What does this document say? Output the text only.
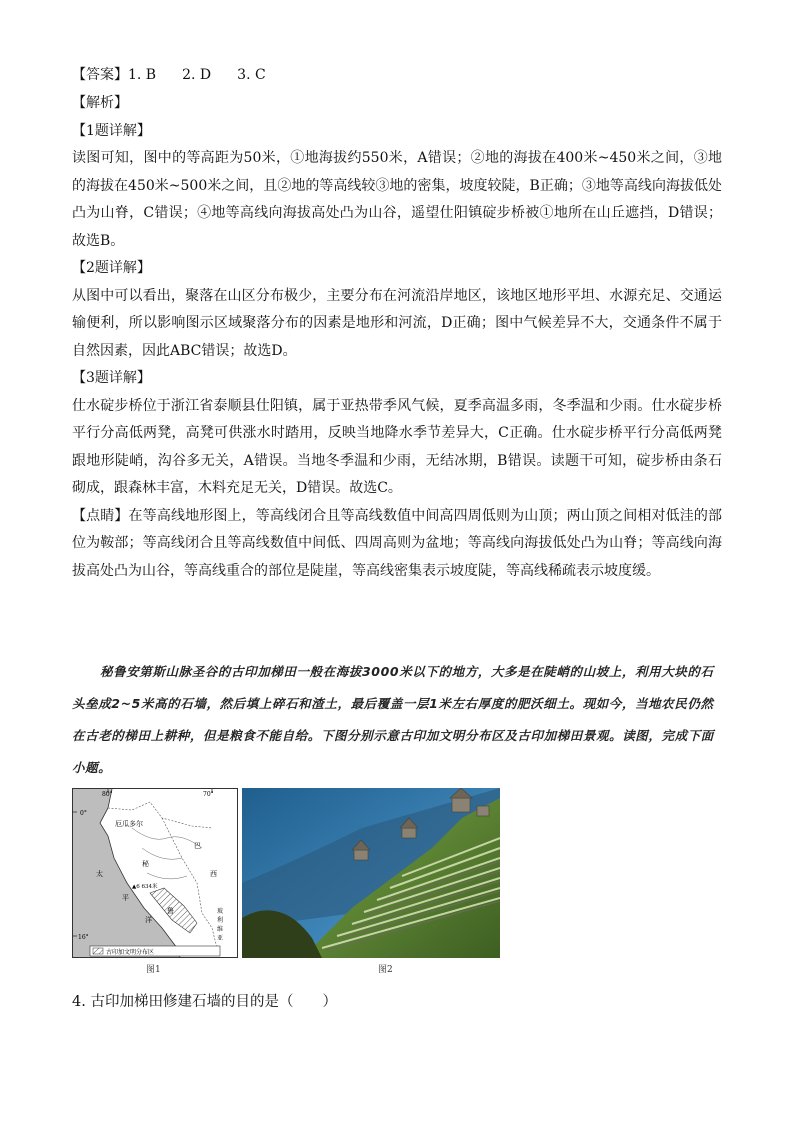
【答案】1. B 2. D 3. C
【解析】
【1题详解】
读图可知，图中的等高距为50米，①地海拔约550米，A错误；②地的海拔在400米~450米之间，③地的海拔在450米~500米之间，且②地的等高线较③地的密集，坡度较陡，B正确；③地等高线向海拔低处凸为山脊，C错误；④地等高线向海拔高处凸为山谷，遥望仕阳镇碇步桥被①地所在山丘遮挡，D错误；故选B。
【2题详解】
从图中可以看出，聚落在山区分布极少，主要分布在河流沿岸地区，该地区地形平坦、水源充足、交通运输便利，所以影响图示区域聚落分布的因素是地形和河流，D正确；图中气候差异不大，交通条件不属于自然因素，因此ABC错误；故选D。
【3题详解】
仕水碇步桥位于浙江省泰顺县仕阳镇，属于亚热带季风气候，夏季高温多雨，冬季温和少雨。仕水碇步桥平行分高低两凳，高凳可供涨水时踏用，反映当地降水季节差异大，C正确。仕水碇步桥平行分高低两凳跟地形陡峭，沟谷多无关，A错误。当地冬季温和少雨，无结冰期，B错误。读题干可知，碇步桥由条石砌成，跟森林丰富，木料充足无关，D错误。故选C。
【点睛】在等高线地形图上，等高线闭合且等高线数值中间高四周低则为山顶；两山顶之间相对低洼的部位为鞍部；等高线闭合且等高线数值中间低、四周高则为盆地；等高线向海拔低处凸为山脊；等高线向海拔高处凸为山谷，等高线重合的部位是陡崖，等高线密集表示坡度陡，等高线稀疏表示坡度缓。
秘鲁安第斯山脉圣谷的古印加梯田一般在海拔3000米以下的地方，大多是在陡峭的山坡上，利用大块的石头垒成2~5米高的石墙，然后填上碎石和渣土，最后覆盖一层1米左右厚度的肥沃细土。现如今，当地农民仍然在古老的梯田上耕种，但是粮食不能自给。下图分别示意古印加文明分布区及古印加梯田景观。读图，完成下面小题。
80°	70°
0°
16°
厄瓜多尔
巴
西
秘
鲁
太
平
洋
玻
利
维
亚
▲6 634米
古印加文明分布区
图1	图2
4. 古印加梯田修建石墙的目的是（　　）
